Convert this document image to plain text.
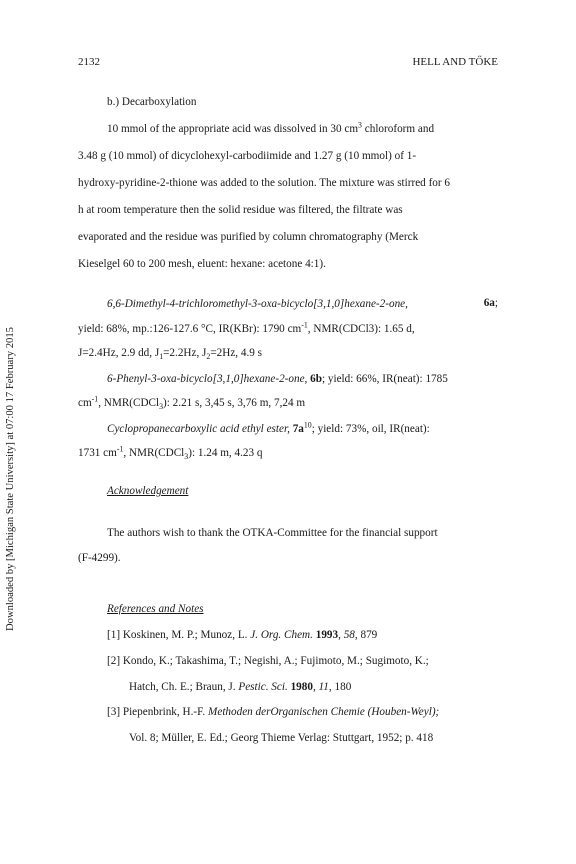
2132	HELL AND TŐKE
Downloaded by [Michigan State University] at 07:00 17 February 2015
b.) Decarboxylation
10 mmol of the appropriate acid was dissolved in 30 $cm^3$ chloroform and
3.48 g (10 mmol) of dicyclohexyl-carbodiimide and 1.27 g (10 mmol) of 1-
hydroxy-pyridine-2-thione was added to the solution. The mixture was stirred for 6
h at room temperature then the solid residue was filtered, the filtrate was
evaporated and the residue was purified by column chromatography (Merck
Kieselgel 60 to 200 mesh, eluent: hexane: acetone 4:1).
6,6-Dimethyl-4-trichloromethyl-3-oxa-bicyclo[3,1,0]hexane-2-one,	6a;
yield: 68%, mp.:126-127.6 °C, IR(KBr): 1790 $cm^{-1}$, NMR(CDCl3): 1.65 d,
J=2.4Hz, 2.9 dd, $J_1=2.2Hz$, $J_2=2Hz$, 4.9 s
6-Phenyl-3-oxa-bicyclo[3,1,0]hexane-2-one, 6b; yield: 66%, IR(neat): 1785
$cm^{-1}$, NMR(CDCl$_3$): 2.21 s, 3,45 s, 3,76 m, 7,24 m
Cyclopropanecarboxylic acid ethyl ester, $7a^{10}$; yield: 73%, oil, IR(neat):
1731 $cm^{-1}$, NMR(CDCl$_3$): 1.24 m, 4.23 q
Acknowledgement
The authors wish to thank the OTKA-Committee for the financial support
(F-4299).
References and Notes
[1] Koskinen, M. P.; Munoz, L. J. Org. Chem. 1993, 58, 879
[2] Kondo, K.; Takashima, T.; Negishi, A.; Fujimoto, M.; Sugimoto, K.;
Hatch, Ch. E.; Braun, J. Pestic. Sci. 1980, 11, 180
[3] Piepenbrink, H.-F. Methoden derOrganischen Chemie (Houben-Weyl);
Vol. 8; Müller, E. Ed.; Georg Thieme Verlag: Stuttgart, 1952; p. 418
